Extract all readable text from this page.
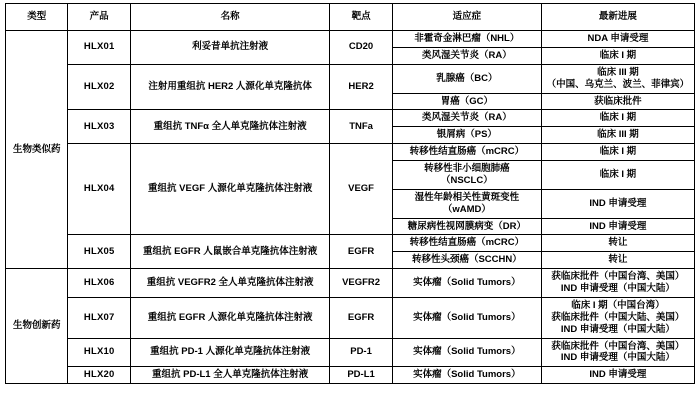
类型	产品	名称	靶点	适应症	最新进展
生物类似药	HLX01	利妥昔单抗注射液	CD20	非霍奇金淋巴瘤（NHL）	NDA 申请受理

				类风湿关节炎（RA）	临床 I 期

	HLX02	注射用重组抗 HER2 人源化单克隆抗体	HER2	乳腺癌（BC）	临床 III 期
（中国、乌克兰、波兰、菲律宾）

				胃癌（GC）	获临床批件

	HLX03	重组抗 TNFα 全人单克隆抗体注射液	TNFa	类风湿关节炎（RA）	临床 I 期

				银屑病（PS）	临床 III 期

	HLX04	重组抗 VEGF 人源化单克隆抗体注射液	VEGF	转移性结直肠癌（mCRC）	临床 I 期

				转移性非小细胞肺癌
（NSCLC）	临床 I 期

				湿性年龄相关性黄斑变性
（wAMD）	IND 申请受理

				糖尿病性视网膜病变（DR）	IND 申请受理

	HLX05	重组抗 EGFR 人鼠嵌合单克隆抗体注射液	EGFR	转移性结直肠癌（mCRC）	转让

				转移性头颈癌（SCCHN）	转让

生物创新药	HLX06	重组抗 VEGFR2 全人单克隆抗体注射液	VEGFR2	实体瘤（Solid Tumors）	获临床批件（中国台湾、美国）
IND 申请受理（中国大陆）

	HLX07	重组抗 EGFR 人源化单克隆抗体注射液	EGFR	实体瘤（Solid Tumors）	临床 I 期（中国台湾）
获临床批件（中国大陆、美国）
IND 申请受理（中国大陆）

	HLX10	重组抗 PD-1 人源化单克隆抗体注射液	PD-1	实体瘤（Solid Tumors）	获临床批件（中国台湾、美国）
IND 申请受理（中国大陆）

	HLX20	重组抗 PD-L1 全人单克隆抗体注射液	PD-L1	实体瘤（Solid Tumors）	IND 申请受理
